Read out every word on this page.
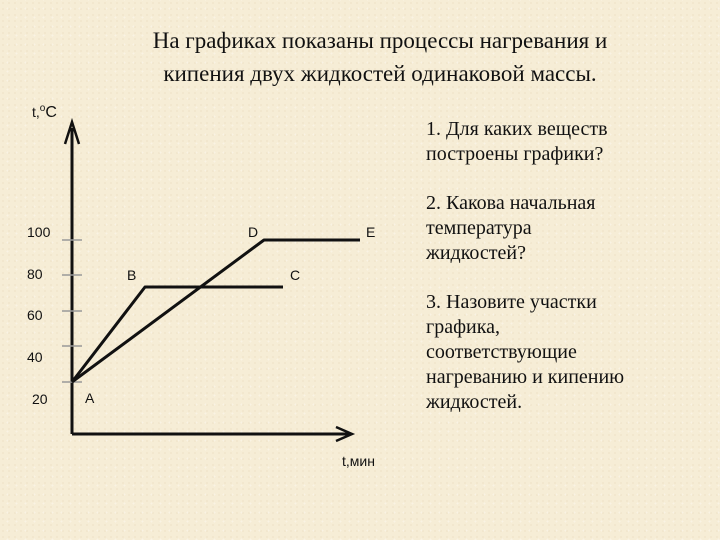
На графиках показаны процессы нагревания и
кипения двух жидкостей одинаковой массы.
t,$^o$C
t,мин
100
80
60
40
20	A
B	C
D	E

1. Для каких веществ
построены графики?

2. Какова начальная
температура
жидкостей?

3. Назовите участки
графика,
соответствующие
нагреванию и кипению
жидкостей.
